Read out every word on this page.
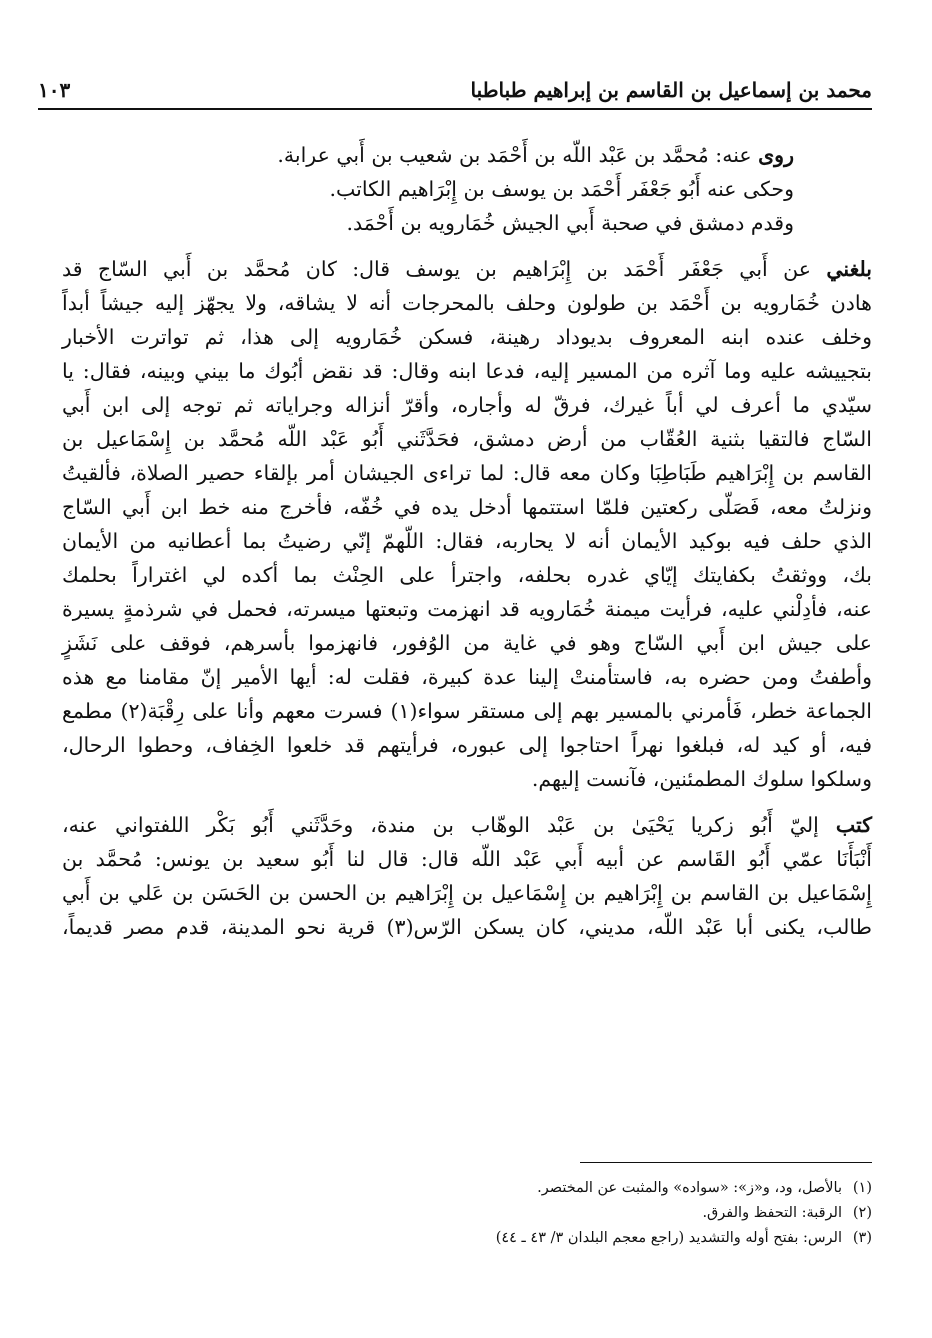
محمد بن إسماعيل بن القاسم بن إبراهيم طباطبا
١٠٣
روى عنه: مُحمَّد بن عَبْد اللّه بن أَحْمَد بن شعيب بن أَبي عرابة.
وحكى عنه أَبُو جَعْفَر أَحْمَد بن يوسف بن إِبْرَاهيم الكاتب.
وقدم دمشق في صحبة أَبي الجيش خُمَارويه بن أَحْمَد.
بلغني عن أَبي جَعْفَر أَحْمَد بن إِبْرَاهيم بن يوسف قال: كان مُحمَّد بن أَبي السّاج قد
هادن خُمَارويه بن أَحْمَد بن طولون وحلف بالمحرجات أنه لا يشاقه، ولا يجهّز إليه جيشاً أبداً
وخلف عنده ابنه المعروف بديوداد رهينة، فسكن خُمَارويه إلى هذا، ثم تواترت الأخبار
بتجييشه عليه وما آثره من المسير إليه، فدعا ابنه وقال: قد نقض أبُوك ما بيني وبينه، فقال: يا
سيّدي ما أعرف لي أباً غيرك، فرقّ له وأجاره، وأقرّ أنزاله وجراياته ثم توجه إلى ابن أَبي
السّاج فالتقيا بثنية العُقّاب من أرض دمشق، فحَدَّثَني أَبُو عَبْد اللّه مُحمَّد بن إِسْمَاعيل بن
القاسم بن إِبْرَاهيم طَبَاطِبَا وكان معه قال: لما تراءى الجيشان أمر بإلقاء حصير الصلاة، فألقيتُ
ونزلتُ معه، فَصَلّى ركعتين فلمّا استتمها أدخل يده في خُفّه، فأخرج منه خط ابن أَبي السّاج
الذي حلف فيه بوكيد الأيمان أنه لا يحاربه، فقال: اللّهمّ إنّي رضيتُ بما أعطانيه من الأيمان
بك، ووثقتُ بكفايتك إيّاي غدره بحلفه، واجترأ على الحِنْث بما أكده لي اغتراراً بحلمك
عنه، فأدِلْني عليه، فرأيت ميمنة خُمَارويه قد انهزمت وتبعتها ميسرته، فحمل في شرذمةٍ يسيرة
على جيش ابن أَبي السّاج وهو في غاية من الوُفور، فانهزموا بأسرهم، فوقف على نَشَزٍ
وأطفتُ ومن حضره به، فاستأمنتْ إلينا عدة كبيرة، فقلت له: أيها الأمير إنّ مقامنا مع هذه
الجماعة خطر، فَأمرني بالمسير بهم إلى مستقر سواء(١) فسرت معهم وأنا على رِقْبَة(٢) مطمع
فيه، أو كيد له، فبلغوا نهراً احتاجوا إلى عبوره، فرأيتهم قد خلعوا الخِفاف، وحطوا الرحال،
وسلكوا سلوك المطمئنين، فآنست إليهم.
كتب إليّ أَبُو زكريا يَحْيَىٰ بن عَبْد الوهّاب بن مندة، وحَدَّثَني أَبُو بَكْر اللفتواني عنه،
أَنْبَأَنَا عمّي أَبُو القَاسم عن أبيه أَبي عَبْد اللّه قال: قال لنا أَبُو سعيد بن يونس: مُحمَّد بن
إِسْمَاعيل بن القاسم بن إِبْرَاهيم بن إِسْمَاعيل بن إِبْرَاهيم بن الحسن بن الحَسَن بن عَلي بن أَبي
طالب، يكنى أبا عَبْد اللّه، مديني، كان يسكن الرّس(٣) قرية نحو المدينة، قدم مصر قديماً،
(١)بالأصل، ود، و«ز»: «سواده» والمثبت عن المختصر.
(٢)الرقبة: التحفظ والفرق.
(٣)الرس: بفتح أوله والتشديد (راجع معجم البلدان ٣/ ٤٣ ـ ٤٤)
